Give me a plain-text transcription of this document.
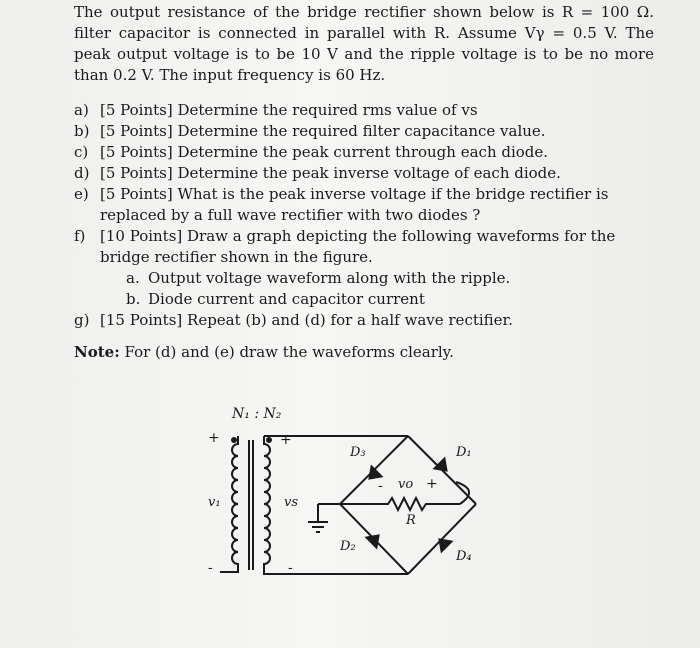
The output resistance of the bridge rectifier shown below is R = 100 Ω. filter capacitor is connected in parallel with R. Assume Vγ = 0.5 V. The peak output voltage is to be 10 V and the ripple voltage is to be no more than 0.2 V. The input frequency is 60 Hz.
a) [5 Points] Determine the required rms value of vs
b) [5 Points] Determine the required filter capacitance value.
c) [5 Points] Determine the peak current through each diode.
d) [5 Points] Determine the peak inverse voltage of each diode.
e) [5 Points] What is the peak inverse voltage if the bridge rectifier is replaced by a full wave rectifier with two diodes ?
f) [10 Points] Draw a graph depicting the following waveforms for the bridge rectifier shown in the figure.
a. Output voltage waveform along with the ripple.
b. Diode current and capacitor current
g) [15 Points] Repeat (b) and (d) for a half wave rectifier.
Note: For (d) and (e) draw the waveforms clearly.
N₁ : N₂
+	+
v₁	vs
-	-
- vo +
R
D₁
D₂
D₃
D₄
